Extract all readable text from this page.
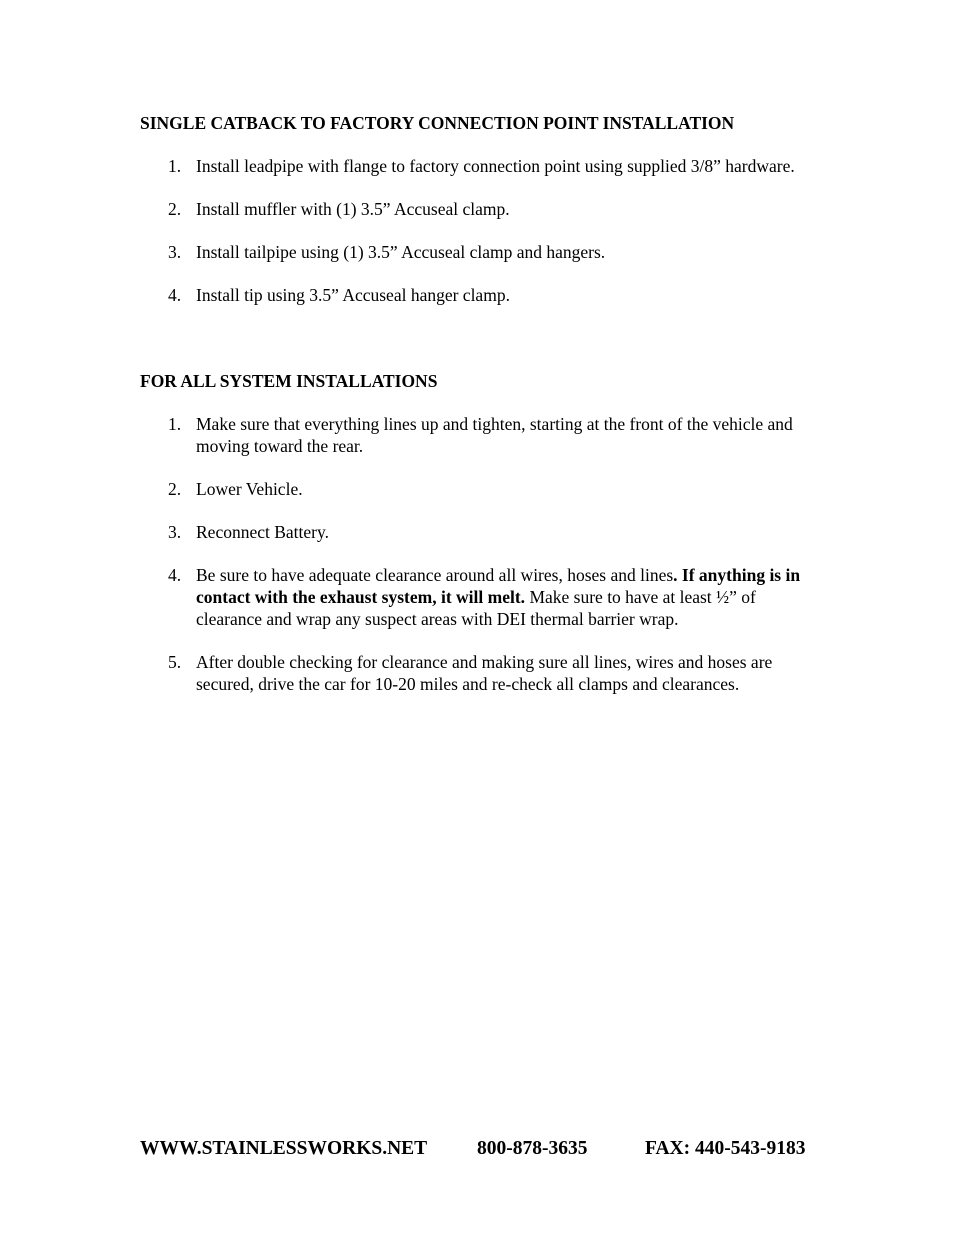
SINGLE CATBACK TO FACTORY CONNECTION POINT INSTALLATION
1. Install leadpipe with flange to factory connection point using supplied 3/8” hardware.
2. Install muffler with (1) 3.5” Accuseal clamp.
3. Install tailpipe using (1) 3.5” Accuseal clamp and hangers.
4. Install tip using 3.5” Accuseal hanger clamp.
FOR ALL SYSTEM INSTALLATIONS
1. Make sure that everything lines up and tighten, starting at the front of the vehicle and moving toward the rear.
2. Lower Vehicle.
3. Reconnect Battery.
4. Be sure to have adequate clearance around all wires, hoses and lines. If anything is in contact with the exhaust system, it will melt. Make sure to have at least ½” of clearance and wrap any suspect areas with DEI thermal barrier wrap.
5. After double checking for clearance and making sure all lines, wires and hoses are secured, drive the car for 10-20 miles and re-check all clamps and clearances.
WWW.STAINLESSWORKS.NET	800-878-3635	FAX: 440-543-9183
